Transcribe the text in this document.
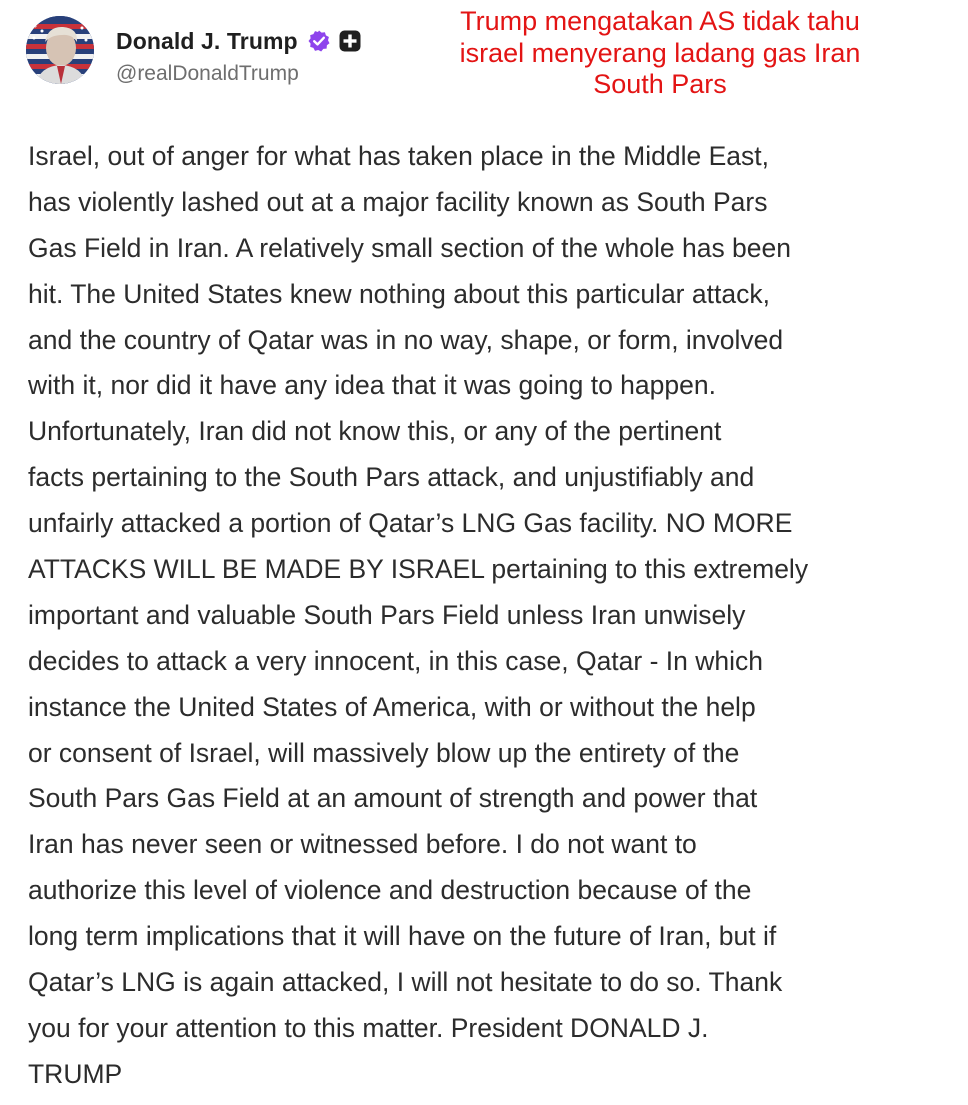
Donald J. Trump
@realDonaldTrump
Trump mengatakan AS tidak tahu
israel menyerang ladang gas Iran
South Pars
Israel, out of anger for what has taken place in the Middle East,
has violently lashed out at a major facility known as South Pars
Gas Field in Iran. A relatively small section of the whole has been
hit. The United States knew nothing about this particular attack,
and the country of Qatar was in no way, shape, or form, involved
with it, nor did it have any idea that it was going to happen.
Unfortunately, Iran did not know this, or any of the pertinent
facts pertaining to the South Pars attack, and unjustifiably and
unfairly attacked a portion of Qatar’s LNG Gas facility. NO MORE
ATTACKS WILL BE MADE BY ISRAEL pertaining to this extremely
important and valuable South Pars Field unless Iran unwisely
decides to attack a very innocent, in this case, Qatar - In which
instance the United States of America, with or without the help
or consent of Israel, will massively blow up the entirety of the
South Pars Gas Field at an amount of strength and power that
Iran has never seen or witnessed before. I do not want to
authorize this level of violence and destruction because of the
long term implications that it will have on the future of Iran, but if
Qatar’s LNG is again attacked, I will not hesitate to do so. Thank
you for your attention to this matter. President DONALD J.
TRUMP
